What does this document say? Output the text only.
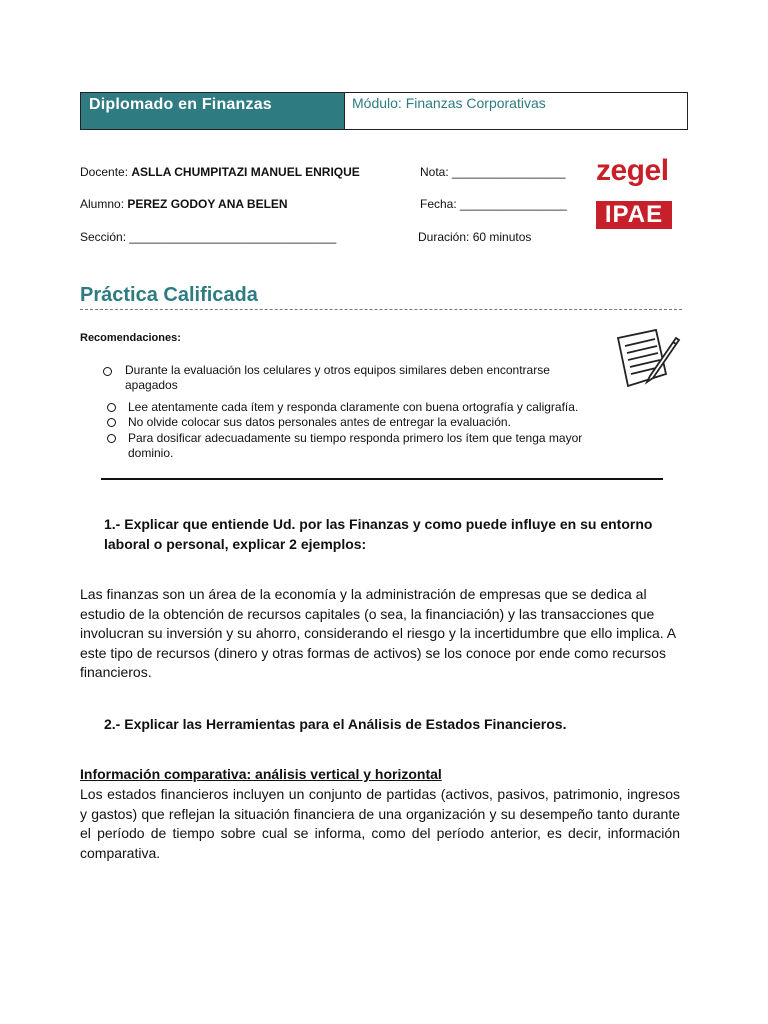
Diplomado en Finanzas	Módulo: Finanzas Corporativas
Docente: ASLLA CHUMPITAZI MANUEL ENRIQUE
Alumno: PEREZ GODOY ANA BELEN
Sección: _______________________________
Nota: _________________
Fecha: ________________
Duración: 60 minutos
zegel
IPAE
Práctica Calificada
Recomendaciones:
Durante la evaluación los celulares y otros equipos similares deben encontrarse apagados
Lee atentamente cada ítem y responda claramente con buena ortografía y caligrafía.
No olvide colocar sus datos personales antes de entregar la evaluación.
Para dosificar adecuadamente su tiempo responda primero los ítem que tenga mayor dominio.
1.- Explicar que entiende Ud. por las Finanzas y como puede influye en su entorno laboral o personal, explicar 2 ejemplos:
Las finanzas son un área de la economía y la administración de empresas que se dedica al estudio de la obtención de recursos capitales (o sea, la financiación) y las transacciones que involucran su inversión y su ahorro, considerando el riesgo y la incertidumbre que ello implica. A este tipo de recursos (dinero y otras formas de activos) se los conoce por ende como recursos financieros.
2.- Explicar las Herramientas para el Análisis de Estados Financieros.
Información comparativa: análisis vertical y horizontal
Los estados financieros incluyen un conjunto de partidas (activos, pasivos, patrimonio, ingresos y gastos) que reflejan la situación financiera de una organización y su desempeño tanto durante el período de tiempo sobre cual se informa, como del período anterior, es decir, información comparativa.
